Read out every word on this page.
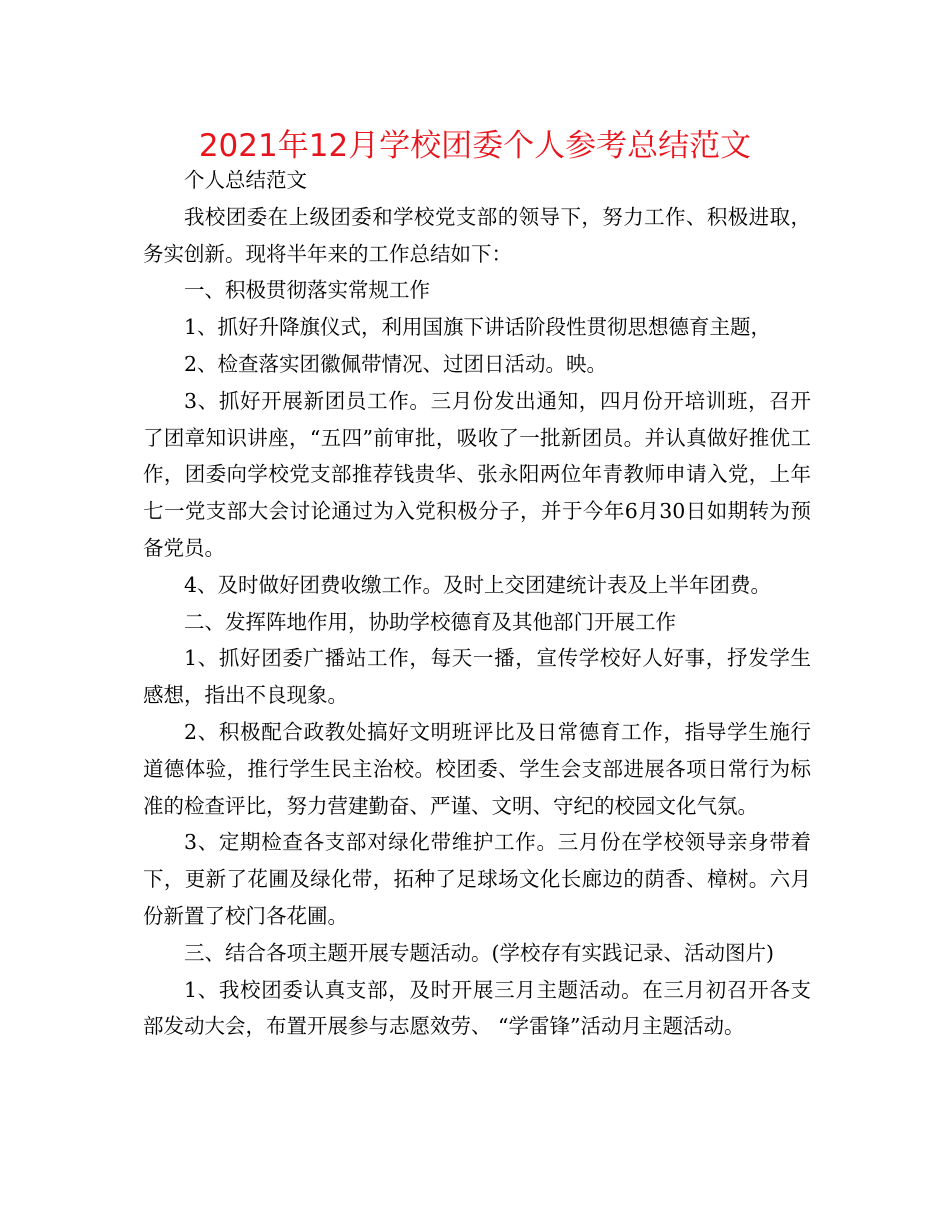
2021年12月学校团委个人参考总结范文

个人总结范文

我校团委在上级团委和学校党支部的领导下，努力工作、积极进取，务实创新。现将半年来的工作总结如下：

一、积极贯彻落实常规工作

1、抓好升降旗仪式，利用国旗下讲话阶段性贯彻思想德育主题，

2、检查落实团徽佩带情况、过团日活动。映。

3、抓好开展新团员工作。三月份发出通知，四月份开培训班，召开了团章知识讲座，“五四”前审批，吸收了一批新团员。并认真做好推优工作，团委向学校党支部推荐钱贵华、张永阳两位年青教师申请入党，上年七一党支部大会讨论通过为入党积极分子，并于今年6月30日如期转为预备党员。

4、及时做好团费收缴工作。及时上交团建统计表及上半年团费。

二、发挥阵地作用，协助学校德育及其他部门开展工作

1、抓好团委广播站工作，每天一播，宣传学校好人好事，抒发学生感想，指出不良现象。

2、积极配合政教处搞好文明班评比及日常德育工作，指导学生施行道德体验，推行学生民主治校。校团委、学生会支部进展各项日常行为标准的检查评比，努力营建勤奋、严谨、文明、守纪的校园文化气氛。

3、定期检查各支部对绿化带维护工作。三月份在学校领导亲身带着下，更新了花圃及绿化带，拓种了足球场文化长廊边的荫香、樟树。六月份新置了校门各花圃。

三、结合各项主题开展专题活动。(学校存有实践记录、活动图片)

1、我校团委认真支部，及时开展三月主题活动。在三月初召开各支部发动大会，布置开展参与志愿效劳、 “学雷锋”活动月主题活动。
